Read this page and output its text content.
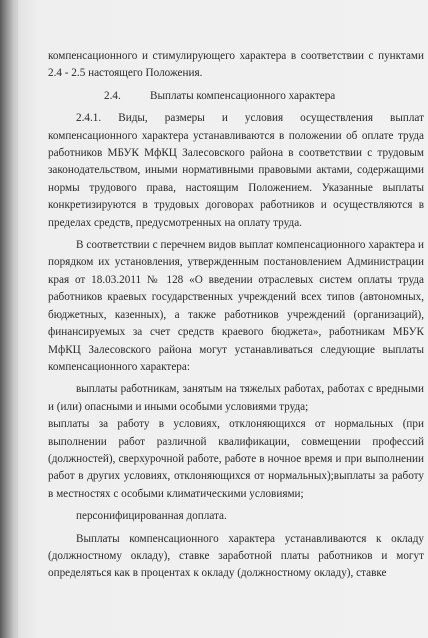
компенсационного и стимулирующего характера в соответствии с пунктами 2.4 - 2.5 настоящего Положения.

2.4.	Выплаты компенсационного характера

2.4.1. Виды, размеры и условия осуществления выплат компенсационного характера устанавливаются в положении об оплате труда работников МБУК МфКЦ Залесовского района в соответствии с трудовым законодательством, иными нормативными правовыми актами, содержащими нормы трудового права, настоящим Положением. Указанные выплаты конкретизируются в трудовых договорах работников и осуществляются в пределах средств, предусмотренных на оплату труда.

В соответствии с перечнем видов выплат компенсационного характера и порядком их установления, утвержденным постановлением Администрации края от 18.03.2011 № 128 «О введении отраслевых систем оплаты труда работников краевых государственных учреждений всех типов (автономных, бюджетных, казенных), а также работников учреждений (организаций), финансируемых за счет средств краевого бюджета», работникам МБУК МфКЦ Залесовского района могут устанавливаться следующие выплаты компенсационного характера:

выплаты работникам, занятым на тяжелых работах, работах с вредными и (или) опасными и иными особыми условиями труда;

выплаты за работу в условиях, отклоняющихся от нормальных (при выполнении работ различной квалификации, совмещении профессий (должностей), сверхурочной работе, работе в ночное время и при выполнении работ в других условиях, отклоняющихся от нормальных);выплаты за работу в местностях с особыми климатическими условиями;

персонифицированная доплата.

Выплаты компенсационного характера устанавливаются к окладу (должностному окладу), ставке заработной платы работников и могут определяться как в процентах к окладу (должностному окладу), ставке
